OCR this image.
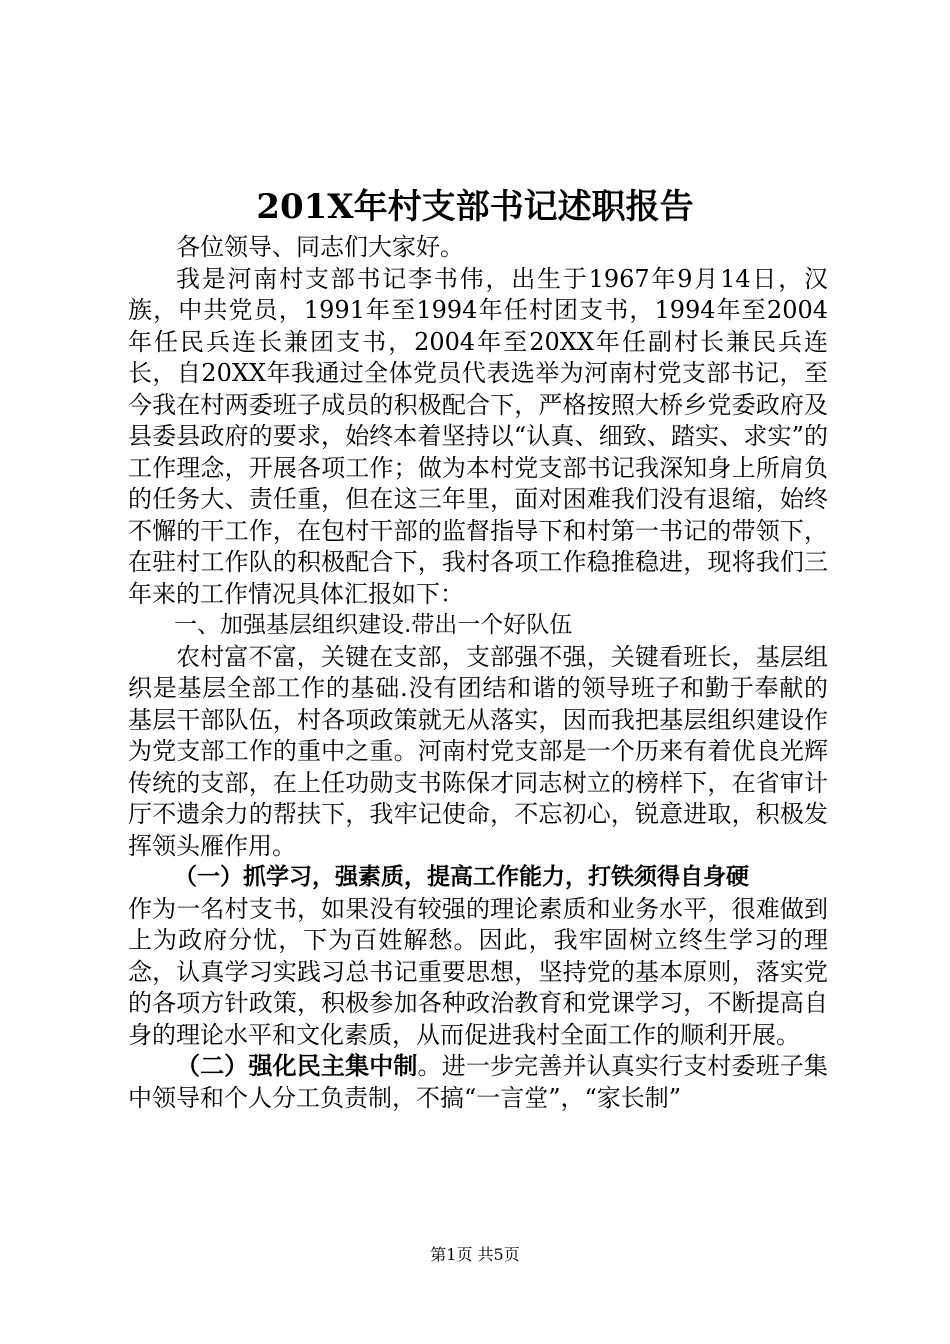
201X年村支部书记述职报告

各位领导、同志们大家好。

我是河南村支部书记李书伟，出生于1967年9月14日，汉族，中共党员，1991年至1994年任村团支书，1994年至2004年任民兵连长兼团支书，2004年至20XX年任副村长兼民兵连长，自20XX年我通过全体党员代表选举为河南村党支部书记，至今我在村两委班子成员的积极配合下，严格按照大桥乡党委政府及县委县政府的要求，始终本着坚持以“认真、细致、踏实、求实”的工作理念，开展各项工作；做为本村党支部书记我深知身上所肩负的任务大、责任重，但在这三年里，面对困难我们没有退缩，始终不懈的干工作，在包村干部的监督指导下和村第一书记的带领下，在驻村工作队的积极配合下，我村各项工作稳推稳进，现将我们三年来的工作情况具体汇报如下：

一、加强基层组织建设.带出一个好队伍

农村富不富，关键在支部，支部强不强，关键看班长，基层组织是基层全部工作的基础.没有团结和谐的领导班子和勤于奉献的基层干部队伍，村各项政策就无从落实，因而我把基层组织建设作为党支部工作的重中之重。河南村党支部是一个历来有着优良光辉传统的支部，在上任功勋支书陈保才同志树立的榜样下，在省审计厅不遗余力的帮扶下，我牢记使命，不忘初心，锐意进取，积极发挥领头雁作用。

（一）抓学习，强素质，提高工作能力，打铁须得自身硬

作为一名村支书，如果没有较强的理论素质和业务水平，很难做到上为政府分忧，下为百姓解愁。因此，我牢固树立终生学习的理念，认真学习实践习总书记重要思想，坚持党的基本原则，落实党的各项方针政策，积极参加各种政治教育和党课学习，不断提高自身的理论水平和文化素质，从而促进我村全面工作的顺利开展。

（二）强化民主集中制。进一步完善并认真实行支村委班子集中领导和个人分工负责制，不搞“一言堂”，“家长制”

第1页 共5页
